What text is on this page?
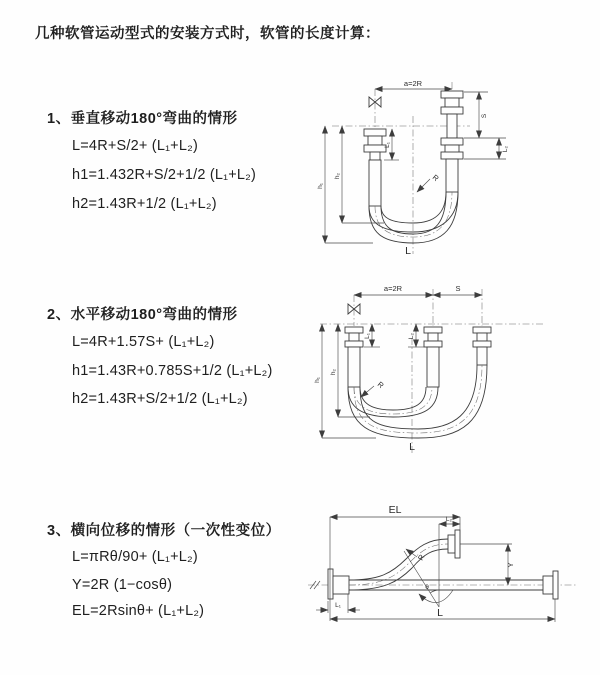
几种软管运动型式的安装方式时，软管的长度计算：
1、垂直移动180°弯曲的情形
L=4R+S/2+ (L₁+L₂)
h1=1.432R+S/2+1/2 (L₁+L₂)
h2=1.43R+1/2 (L₁+L₂)
2、水平移动180°弯曲的情形
L=4R+1.57S+ (L₁+L₂)
h1=1.43R+0.785S+1/2 (L₁+L₂)
h2=1.43R+S/2+1/2 (L₁+L₂)
3、横向位移的情形（一次性变位）
L=πRθ/90+ (L₁+L₂)
Y=2R (1−cosθ)
EL=2Rsinθ+ (L₁+L₂)
a=2R
R
L
h₁
h₂
L₁
S
L₂
a=2R	S
R
L
h₁
h₂
L₁	L₂
EL
L₂
Y
R
θ
L
L₁
